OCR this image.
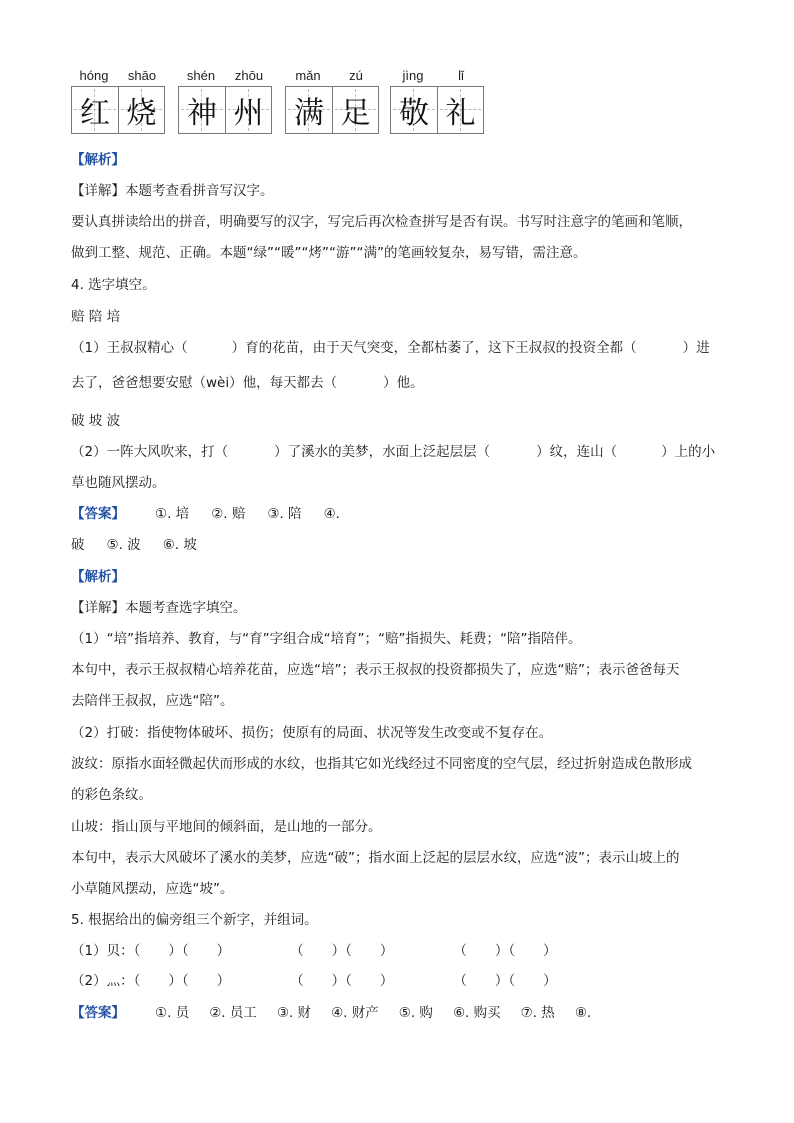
hóng	shāo
红 烧
shén	zhōu
神 州
mǎn	zú
满 足
jìng	lǐ
敬 礼
【解析】
【详解】本题考查看拼音写汉字。
要认真拼读给出的拼音，明确要写的汉字，写完后再次检查拼写是否有误。书写时注意字的笔画和笔顺，
做到工整、规范、正确。本题“绿”“暖”“烤”“游”“满”的笔画较复杂，易写错，需注意。
4. 选字填空。
赔 陪 培
（1）王叔叔精心（	）育的花苗，由于天气突变，全都枯萎了，这下王叔叔的投资全都（	）进
去了，爸爸想要安慰（wèi）他，每天都去（	）他。
破 坡 波
（2）一阵大风吹来，打（	）了溪水的美梦，水面上泛起层层（	）纹，连山（	）上的小
草也随风摆动。
【答案】 ①. 培 ②. 赔 ③. 陪 ④.
破 ⑤. 波 ⑥. 坡
【解析】
【详解】本题考查选字填空。
（1）“培”指培养、教育，与“育”字组合成“培育”；“赔”指损失、耗费；“陪”指陪伴。
本句中，表示王叔叔精心培养花苗，应选“培”；表示王叔叔的投资都损失了，应选“赔”；表示爸爸每天
去陪伴王叔叔，应选“陪”。
（2）打破：指使物体破坏、损伤；使原有的局面、状况等发生改变或不复存在。
波纹：原指水面轻微起伏而形成的水纹，也指其它如光线经过不同密度的空气层，经过折射造成色散形成
的彩色条纹。
山坡：指山顶与平地间的倾斜面，是山地的一部分。
本句中，表示大风破坏了溪水的美梦，应选“破”；指水面上泛起的层层水纹，应选“波”；表示山坡上的
小草随风摆动，应选“坡”。
5. 根据给出的偏旁组三个新字，并组词。
（1）贝：（ ）（ ）	（ ）（ ）	（ ）（ ）
（2）灬：（ ）（ ）	（ ）（ ）	（ ）（ ）
【答案】 ①. 员 ②. 员工 ③. 财 ④. 财产 ⑤. 购 ⑥. 购买 ⑦. 热 ⑧.
